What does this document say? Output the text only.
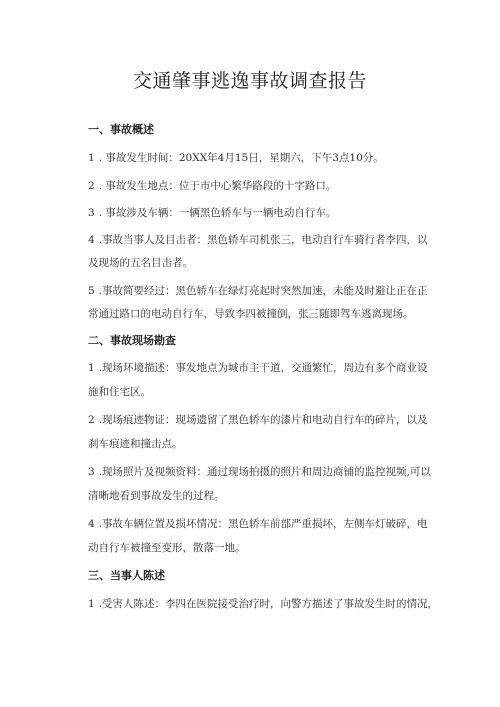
交通肇事逃逸事故调查报告
一、事故概述
1 . 事故发生时间：20XX年4月15日，星期六，下午3点10分。
2 . 事故发生地点：位于市中心繁华路段的十字路口。
3 . 事故涉及车辆：一辆黑色轿车与一辆电动自行车。
4 .事故当事人及目击者：黑色轿车司机张三，电动自行车骑行者李四，以
及现场的五名目击者。
5 .事故简要经过：黑色轿车在绿灯亮起时突然加速，未能及时避让正在正
常通过路口的电动自行车，导致李四被撞倒，张三随即驾车逃离现场。
二、事故现场勘查
1 .现场环境描述：事发地点为城市主干道，交通繁忙，周边有多个商业设
施和住宅区。
2 .现场痕迹物证：现场遗留了黑色轿车的漆片和电动自行车的碎片，以及
刹车痕迹和撞击点。
3 .现场照片及视频资料：通过现场拍摄的照片和周边商铺的监控视频,可以
清晰地看到事故发生的过程。
4 .事故车辆位置及损坏情况：黑色轿车前部严重损坏，左侧车灯破碎，电
动自行车被撞至变形，散落一地。
三、当事人陈述
1 .受害人陈述：李四在医院接受治疗时，向警方描述了事故发生时的情况，
